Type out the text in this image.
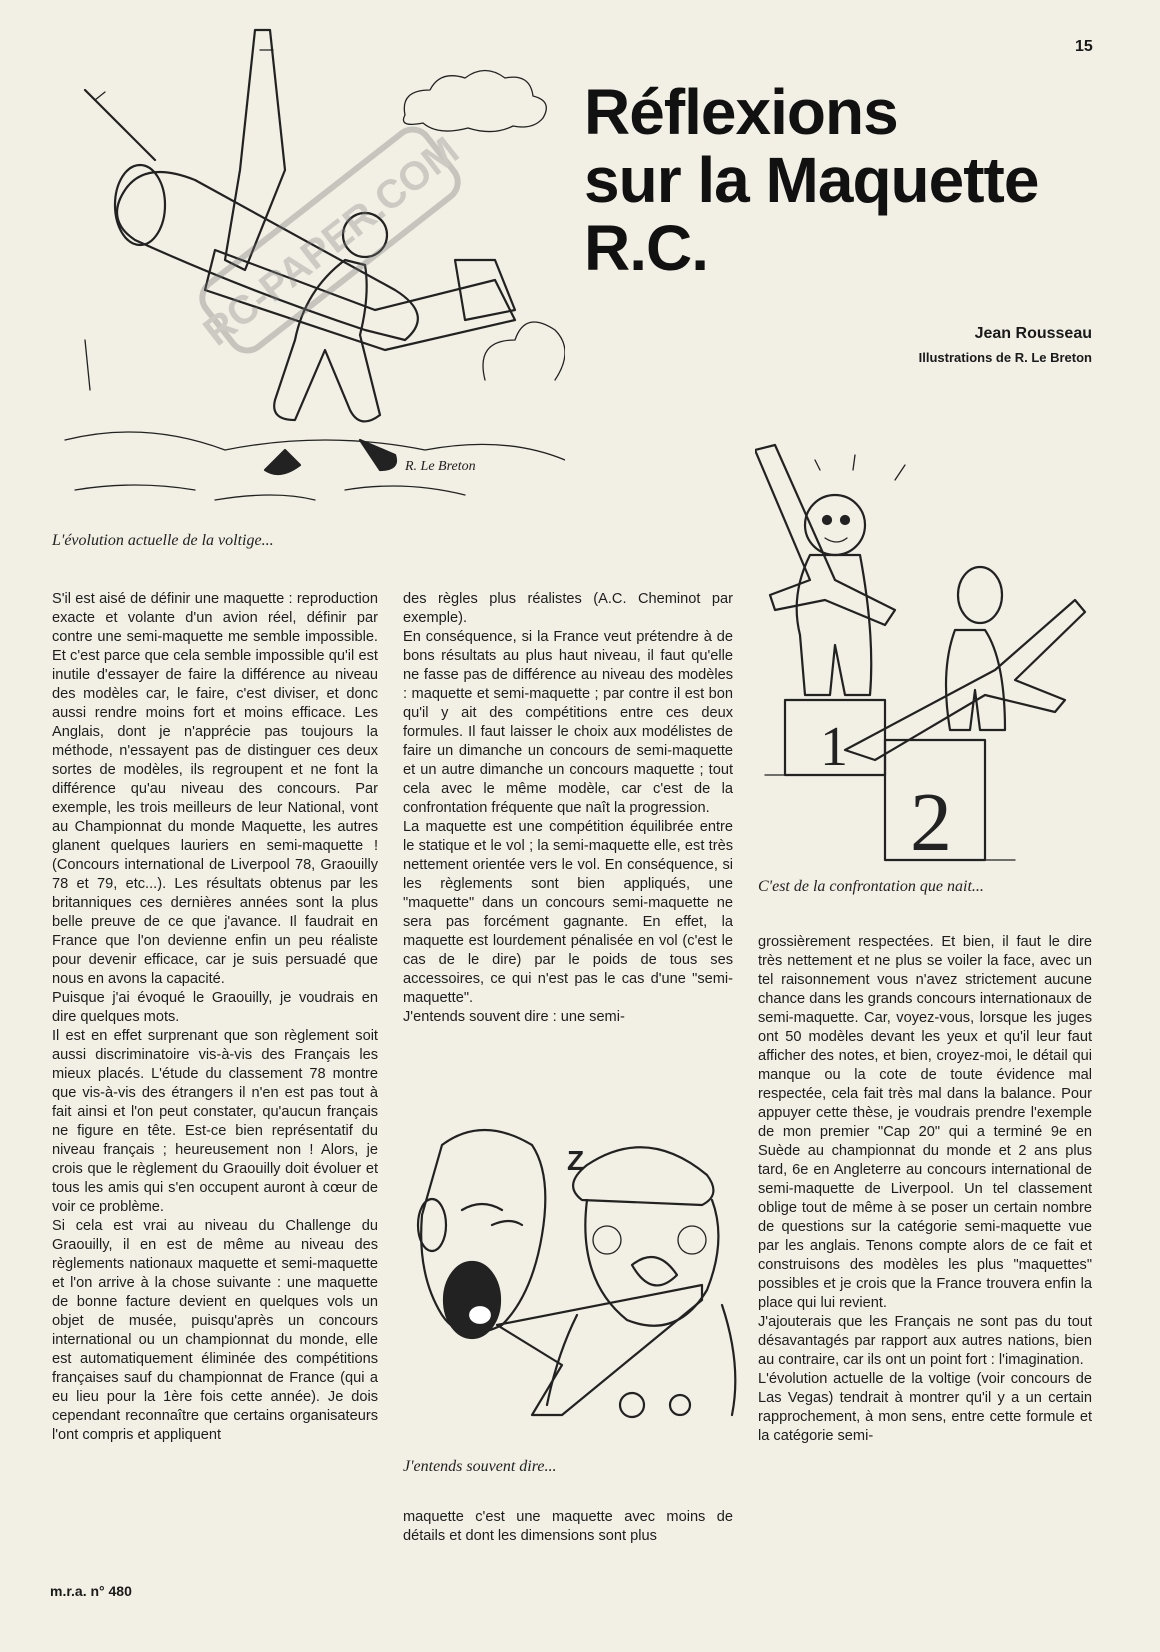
15
Réflexions
sur la Maquette
R.C.
Jean Rousseau
Illustrations de R. Le Breton
R. Le Breton
RC-PAPER.COM
L'évolution actuelle de la voltige...
1
2
C'est de la confrontation que nait...
Z
J'entends souvent dire...

S'il est aisé de définir une maquette : reproduction exacte et volante d'un avion réel, définir par contre une semi-maquette me semble impossible. Et c'est parce que cela semble impossible qu'il est inutile d'essayer de faire la différence au niveau des modèles car, le faire, c'est diviser, et donc aussi rendre moins fort et moins efficace. Les Anglais, dont je n'apprécie pas toujours la méthode, n'essayent pas de distinguer ces deux sortes de modèles, ils regroupent et ne font la différence qu'au niveau des concours. Par exemple, les trois meilleurs de leur National, vont au Championnat du monde Maquette, les autres glanent quelques lauriers en semi-maquette ! (Concours international de Liverpool 78, Graouilly 78 et 79, etc...). Les résultats obtenus par les britanniques ces dernières années sont la plus belle preuve de ce que j'avance. Il faudrait en France que l'on devienne enfin un peu réaliste pour devenir efficace, car je suis persuadé que nous en avons la capacité.

Puisque j'ai évoqué le Graouilly, je voudrais en dire quelques mots.

Il est en effet surprenant que son règlement soit aussi discriminatoire vis-à-vis des Français les mieux placés. L'étude du classement 78 montre que vis-à-vis des étrangers il n'en est pas tout à fait ainsi et l'on peut constater, qu'aucun français ne figure en tête. Est-ce bien représentatif du niveau français ; heureusement non ! Alors, je crois que le règlement du Graouilly doit évoluer et tous les amis qui s'en occupent auront à cœur de voir ce problème.

Si cela est vrai au niveau du Challenge du Graouilly, il en est de même au niveau des règlements nationaux maquette et semi-maquette et l'on arrive à la chose suivante : une maquette de bonne facture devient en quelques vols un objet de musée, puisqu'après un concours international ou un championnat du monde, elle est automatiquement éliminée des compétitions françaises sauf du championnat de France (qui a eu lieu pour la 1ère fois cette année). Je dois cependant reconnaître que certains organisateurs l'ont compris et appliquent

des règles plus réalistes (A.C. Cheminot par exemple).

En conséquence, si la France veut prétendre à de bons résultats au plus haut niveau, il faut qu'elle ne fasse pas de différence au niveau des modèles : maquette et semi-maquette ; par contre il est bon qu'il y ait des compétitions entre ces deux formules. Il faut laisser le choix aux modélistes de faire un dimanche un concours de semi-maquette et un autre dimanche un concours maquette ; tout cela avec le même modèle, car c'est de la confrontation fréquente que naît la progression.

La maquette est une compétition équilibrée entre le statique et le vol ; la semi-maquette elle, est très nettement orientée vers le vol. En conséquence, si les règlements sont bien appliqués, une "maquette" dans un concours semi-maquette ne sera pas forcément gagnante. En effet, la maquette est lourdement pénalisée en vol (c'est le cas de le dire) par le poids de tous ses accessoires, ce qui n'est pas le cas d'une "semi-maquette".

J'entends souvent dire : une semi-

maquette c'est une maquette avec moins de détails et dont les dimensions sont plus

grossièrement respectées. Et bien, il faut le dire très nettement et ne plus se voiler la face, avec un tel raisonnement vous n'avez strictement aucune chance dans les grands concours internationaux de semi-maquette. Car, voyez-vous, lorsque les juges ont 50 modèles devant les yeux et qu'il leur faut afficher des notes, et bien, croyez-moi, le détail qui manque ou la cote de toute évidence mal respectée, cela fait très mal dans la balance. Pour appuyer cette thèse, je voudrais prendre l'exemple de mon premier "Cap 20" qui a terminé 9e en Suède au championnat du monde et 2 ans plus tard, 6e en Angleterre au concours international de semi-maquette de Liverpool. Un tel classement oblige tout de même à se poser un certain nombre de questions sur la catégorie semi-maquette vue par les anglais. Tenons compte alors de ce fait et construisons des modèles les plus "maquettes" possibles et je crois que la France trouvera enfin la place qui lui revient.

J'ajouterais que les Français ne sont pas du tout désavantagés par rapport aux autres nations, bien au contraire, car ils ont un point fort : l'imagination.

L'évolution actuelle de la voltige (voir concours de Las Vegas) tendrait à montrer qu'il y a un certain rapprochement, à mon sens, entre cette formule et la catégorie semi-

m.r.a. n° 480
